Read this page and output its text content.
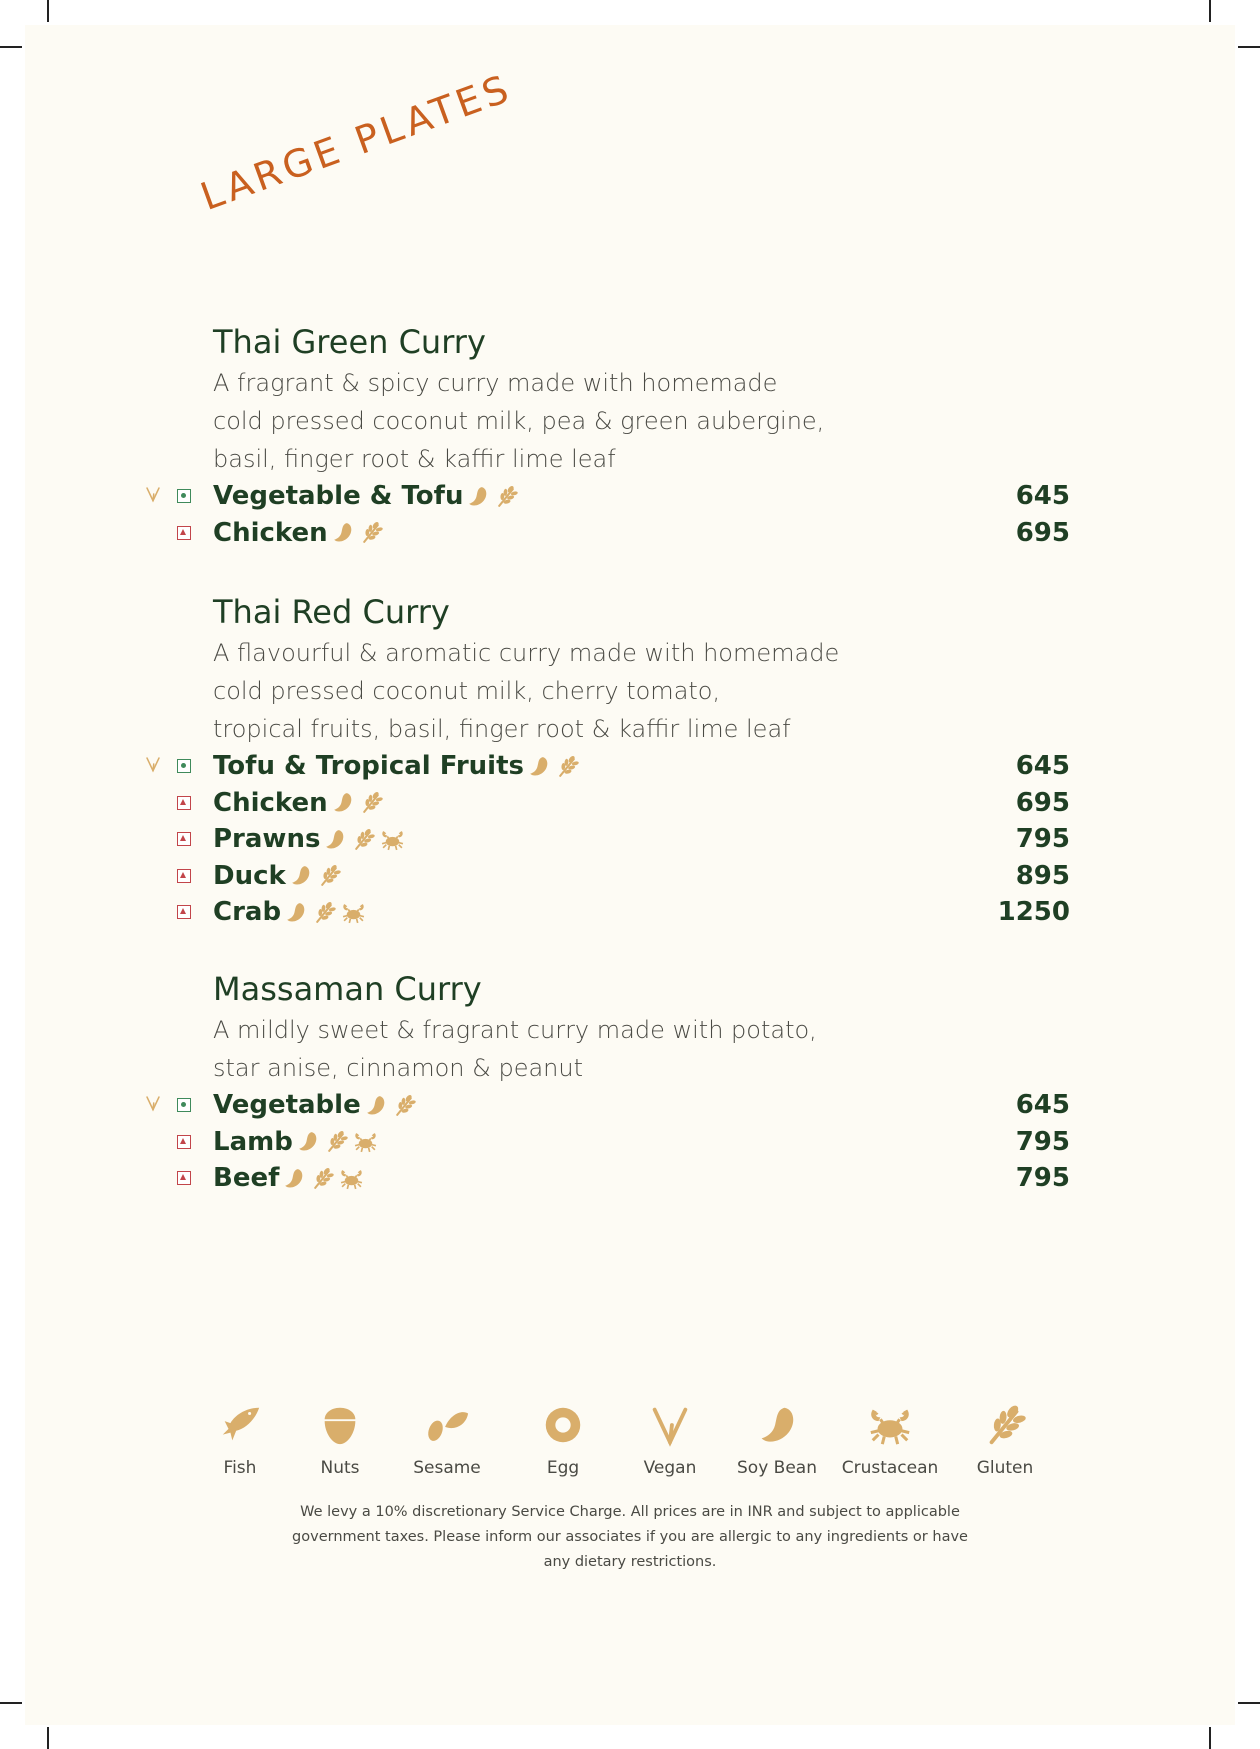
LARGE PLATES
Thai Green Curry
A fragrant & spicy curry made with homemade
cold pressed coconut milk, pea & green aubergine,
basil, finger root & kaffir lime leaf
Vegetable & Tofu	645
Chicken	695
Thai Red Curry
A flavourful & aromatic curry made with homemade
cold pressed coconut milk, cherry tomato,
tropical fruits, basil, finger root & kaffir lime leaf
Tofu & Tropical Fruits	645
Chicken	695
Prawns	795
Duck	895
Crab	1250
Massaman Curry
A mildly sweet & fragrant curry made with potato,
star anise, cinnamon & peanut
Vegetable	645
Lamb	795
Beef	795
Fish	Nuts	Sesame	Egg	Vegan	Soy Bean	Crustacean	Gluten
We levy a 10% discretionary Service Charge. All prices are in INR and subject to applicable
government taxes. Please inform our associates if you are allergic to any ingredients or have
any dietary restrictions.
